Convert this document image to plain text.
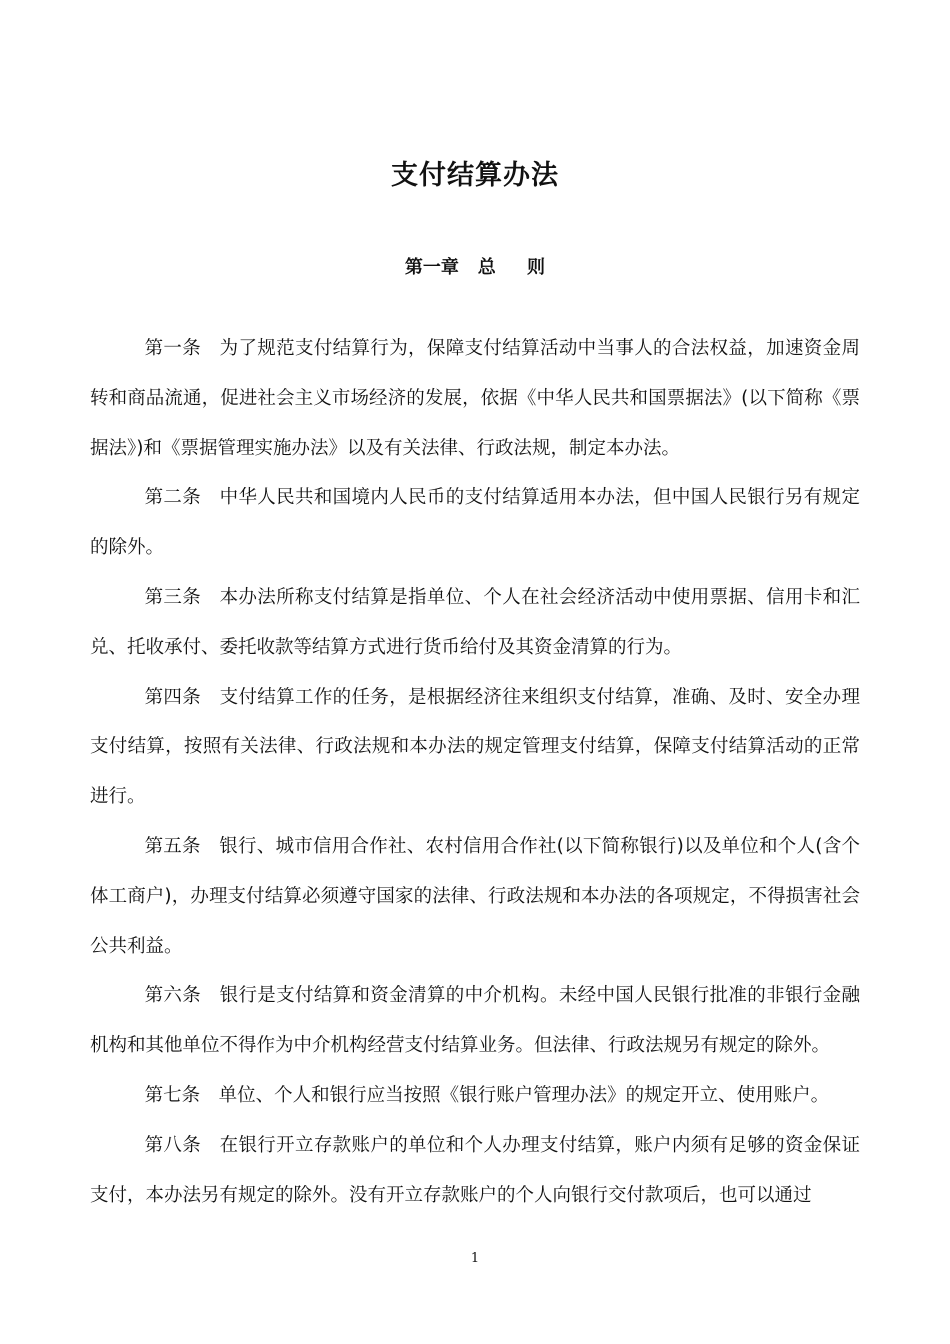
支付结算办法
第一章   总     则

第一条 为了规范支付结算行为，保障支付结算活动中当事人的合法权益，加速资金周转和商品流通，促进社会主义市场经济的发展，依据《中华人民共和国票据法》(以下简称《票据法》)和《票据管理实施办法》以及有关法律、行政法规，制定本办法。

第二条 中华人民共和国境内人民币的支付结算适用本办法，但中国人民银行另有规定的除外。

第三条 本办法所称支付结算是指单位、个人在社会经济活动中使用票据、信用卡和汇兑、托收承付、委托收款等结算方式进行货币给付及其资金清算的行为。

第四条 支付结算工作的任务，是根据经济往来组织支付结算，准确、及时、安全办理支付结算，按照有关法律、行政法规和本办法的规定管理支付结算，保障支付结算活动的正常进行。

第五条 银行、城市信用合作社、农村信用合作社(以下简称银行)以及单位和个人(含个体工商户)，办理支付结算必须遵守国家的法律、行政法规和本办法的各项规定，不得损害社会公共利益。

第六条 银行是支付结算和资金清算的中介机构。未经中国人民银行批准的非银行金融机构和其他单位不得作为中介机构经营支付结算业务。但法律、行政法规另有规定的除外。

第七条 单位、个人和银行应当按照《银行账户管理办法》的规定开立、使用账户。

第八条 在银行开立存款账户的单位和个人办理支付结算，账户内须有足够的资金保证支付，本办法另有规定的除外。没有开立存款账户的个人向银行交付款项后，也可以通过

1
